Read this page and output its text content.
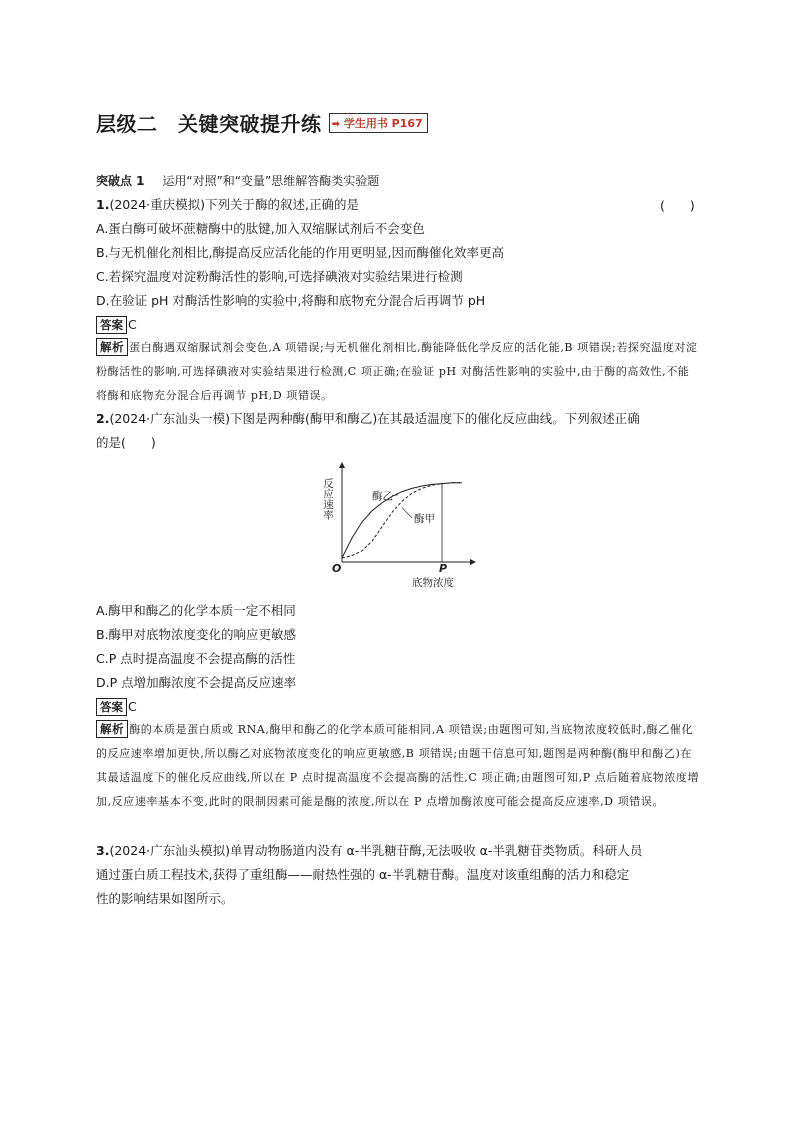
层级二　关键突破提升练 ➡ 学生用书 P167
突破点 1 运用“对照”和“变量”思维解答酶类实验题
1.(2024·重庆模拟)下列关于酶的叙述,正确的是	(　　)
A.蛋白酶可破坏蔗糖酶中的肽键,加入双缩脲试剂后不会变色
B.与无机催化剂相比,酶提高反应活化能的作用更明显,因而酶催化效率更高
C.若探究温度对淀粉酶活性的影响,可选择碘液对实验结果进行检测
D.在验证 pH 对酶活性影响的实验中,将酶和底物充分混合后再调节 pH
答案 C
解析 蛋白酶遇双缩脲试剂会变色,A 项错误;与无机催化剂相比,酶能降低化学反应的活化能,B 项错误;若探究温度对淀粉酶活性的影响,可选择碘液对实验结果进行检测,C 项正确;在验证 pH 对酶活性影响的实验中,由于酶的高效性,不能将酶和底物充分混合后再调节 pH,D 项错误。
2.(2024·广东汕头一模)下图是两种酶(酶甲和酶乙)在其最适温度下的催化反应曲线。下列叙述正确
的是(　　)
酶乙
酶甲
O	P
底物浓度
反应速率
A.酶甲和酶乙的化学本质一定不相同
B.酶甲对底物浓度变化的响应更敏感
C.P 点时提高温度不会提高酶的活性
D.P 点增加酶浓度不会提高反应速率
答案 C
解析 酶的本质是蛋白质或 RNA,酶甲和酶乙的化学本质可能相同,A 项错误;由题图可知,当底物浓度较低时,酶乙催化的反应速率增加更快,所以酶乙对底物浓度变化的响应更敏感,B 项错误;由题干信息可知,题图是两种酶(酶甲和酶乙)在其最适温度下的催化反应曲线,所以在 P 点时提高温度不会提高酶的活性,C 项正确;由题图可知,P 点后随着底物浓度增加,反应速率基本不变,此时的限制因素可能是酶的浓度,所以在 P 点增加酶浓度可能会提高反应速率,D 项错误。
3.(2024·广东汕头模拟)单胃动物肠道内没有 α-半乳糖苷酶,无法吸收 α-半乳糖苷类物质。科研人员
通过蛋白质工程技术,获得了重组酶——耐热性强的 α-半乳糖苷酶。温度对该重组酶的活力和稳定
性的影响结果如图所示。
